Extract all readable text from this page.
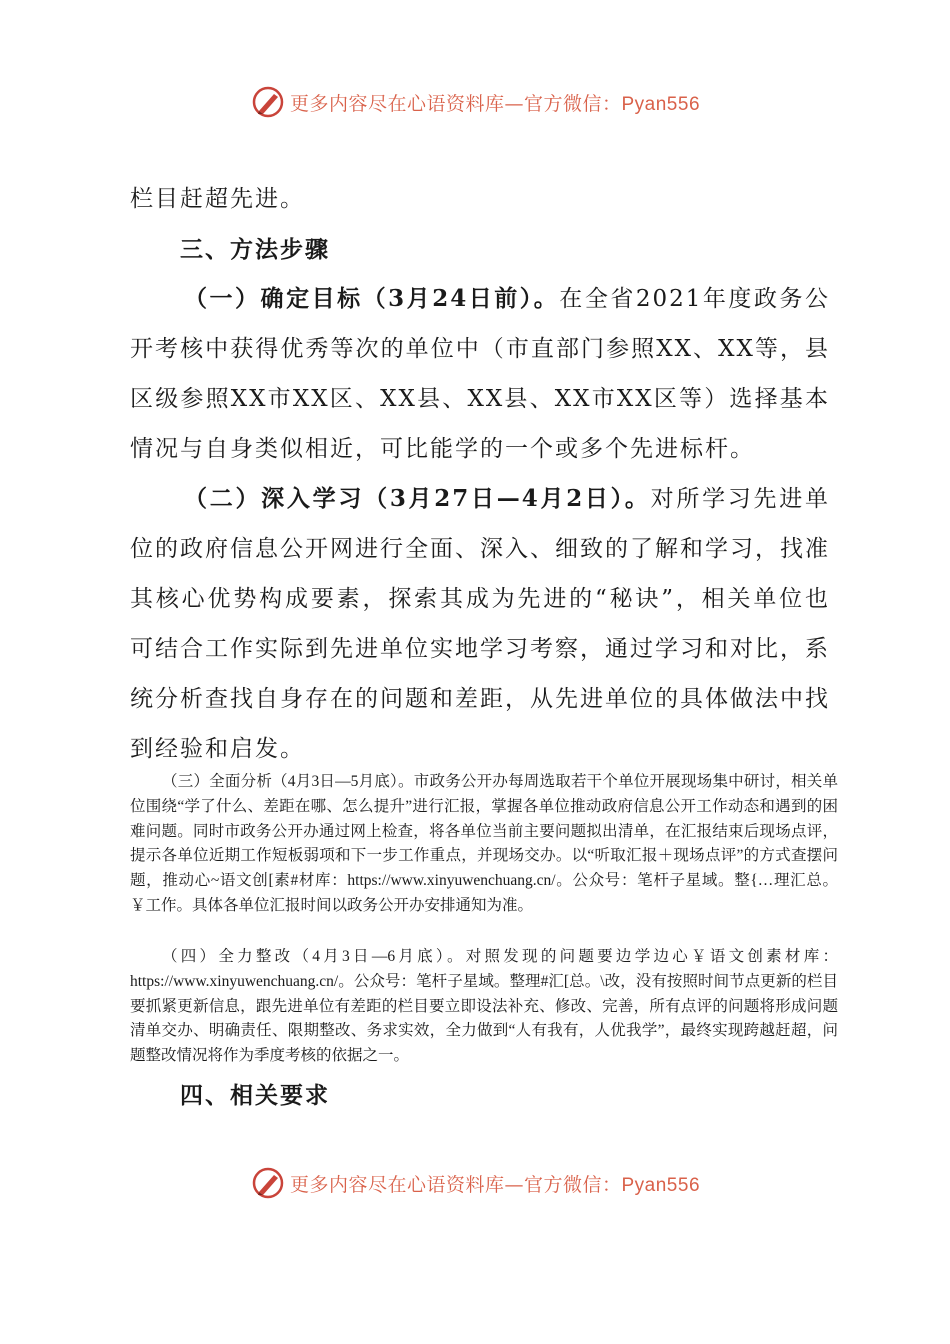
更多内容尽在心语资料库—官方微信：Pyan556

栏目赶超先进。

三、方法步骤

（一）确定目标（3月24日前）。在全省2021年度政务公开考核中获得优秀等次的单位中（市直部门参照XX、XX等，县区级参照XX市XX区、XX县、XX县、XX市XX区等）选择基本情况与自身类似相近，可比能学的一个或多个先进标杆。

（二）深入学习（3月27日—4月2日）。对所学习先进单位的政府信息公开网进行全面、深入、细致的了解和学习，找准其核心优势构成要素，探索其成为先进的“秘诀”，相关单位也可结合工作实际到先进单位实地学习考察，通过学习和对比，系统分析查找自身存在的问题和差距，从先进单位的具体做法中找到经验和启发。

（三）全面分析（4月3日—5月底）。市政务公开办每周选取若干个单位开展现场集中研讨，相关单位围绕“学了什么、差距在哪、怎么提升”进行汇报，掌握各单位推动政府信息公开工作动态和遇到的困难问题。同时市政务公开办通过网上检查，将各单位当前主要问题拟出清单，在汇报结束后现场点评，提示各单位近期工作短板弱项和下一步工作重点，并现场交办。以“听取汇报＋现场点评”的方式查摆问题，推动心~语文创[素#材库：https://www.xinyuwenchuang.cn/。公众号：笔杆子星域。整{…理汇总。￥工作。具体各单位汇报时间以政务公开办安排通知为准。

（四）全力整改（4月3日—6月底）。对照发现的问题要边学边心￥语文创素材库：https://www.xinyuwenchuang.cn/。公众号：笔杆子星域。整理#汇[总。\改，没有按照时间节点更新的栏目要抓紧更新信息，跟先进单位有差距的栏目要立即设法补充、修改、完善，所有点评的问题将形成问题清单交办、明确责任、限期整改、务求实效，全力做到“人有我有，人优我学”，最终实现跨越赶超，问题整改情况将作为季度考核的依据之一。

四、相关要求

更多内容尽在心语资料库—官方微信：Pyan556
